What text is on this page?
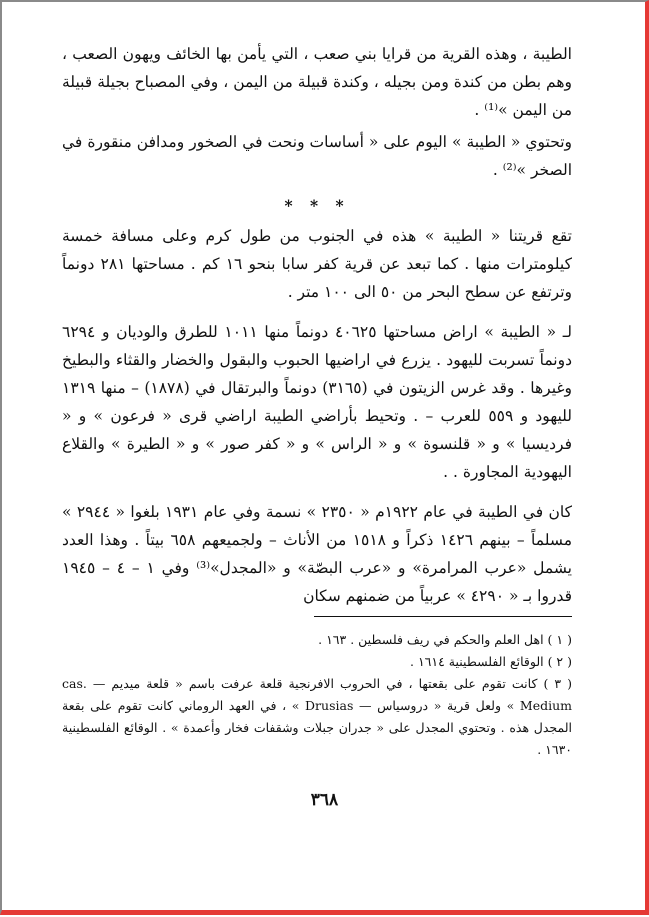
الطيبة ، وهذه القرية من قرايا بني صعب ، التي يأمن بها الخائف ويهون الصعب ، وهم بطن من كندة ومن بجيله ، وكندة قبيلة من اليمن ، وفي المصباح بجيلة قبيلة من اليمن »⁽¹⁾ .

وتحتوي « الطيبة » اليوم على « أساسات ونحت في الصخور ومدافن منقورة في الصخر »⁽²⁾ .

* * *

تقع قريتنا « الطيبة » هذه في الجنوب من طول كرم وعلى مسافة خمسة كيلومترات منها . كما تبعد عن قرية كفر سابا بنحو ١٦ كم . مساحتها ٢٨١ دونماً وترتفع عن سطح البحر من ٥٠ الى ١٠٠ متر .

لـ « الطيبة » اراض مساحتها ٤٠٦٢٥ دونماً منها ١٠١١ للطرق والوديان و ٦٢٩٤ دونماً تسربت لليهود . يزرع في اراضيها الحبوب والبقول والخضار والقثاء والبطيخ وغيرها . وقد غرس الزيتون في (٣١٦٥) دونماً والبرتقال في (١٨٧٨) – منها ١٣١٩ لليهود و ٥٥٩ للعرب – . وتحيط بأراضي الطيبة اراضي قرى « فرعون » و « فرديسيا » و « قلنسوة » و « الراس » و « كفر صور » و « الطيرة » والقلاع اليهودية المجاورة . .

كان في الطيبة في عام ١٩٢٢م « ٢٣٥٠ » نسمة وفي عام ١٩٣١ بلغوا « ٢٩٤٤ » مسلماً – بينهم ١٤٢٦ ذكراً و ١٥١٨ من الأناث – ولجميعهم ٦٥٨ بيتاً . وهذا العدد يشمل «عرب المرامرة» و «عرب البصّة» و «المجدل»⁽³⁾ وفي ١ – ٤ – ١٩٤٥ قدروا بـ « ٤٢٩٠ » عربياً من ضمنهم سكان

( ١ ) اهل العلم والحكم في ريف فلسطين . ١٦٣ .

( ٢ ) الوقائع الفلسطينية ١٦١٤ .

( ٣ ) كانت تقوم على بقعتها ، في الحروب الافرنجية قلعة عرفت باسم « قلعة ميديم — cas. Medium » ولعل قرية « دروسياس — Drusias » ، في العهد الروماني كانت تقوم على بقعة المجدل هذه . وتحتوي المجدل على « جدران جبلات وشقفات فخار وأعمدة » . الوقائع الفلسطينية ١٦٣٠ .

٣٦٨
